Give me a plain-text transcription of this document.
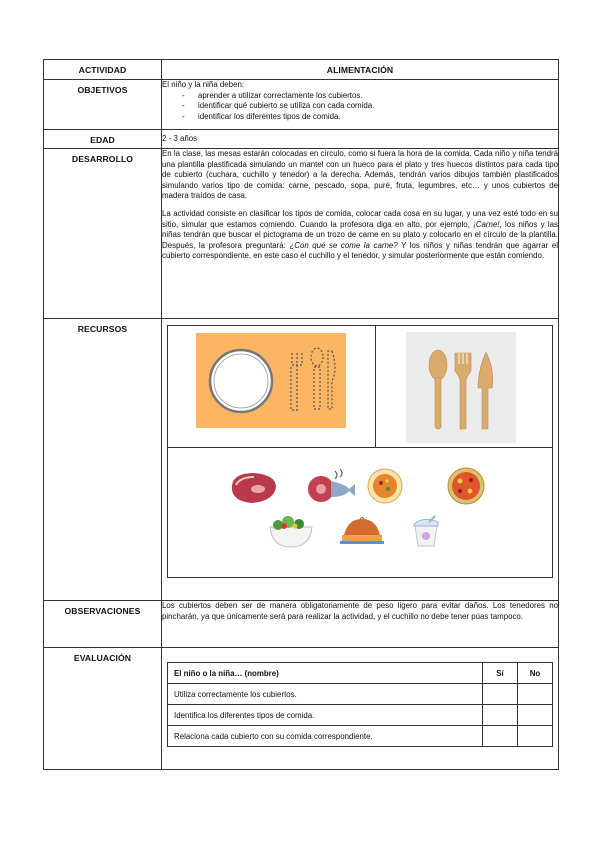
ACTIVIDAD	ALIMENTACIÓN
OBJETIVOS	
El niño y la niña deben:
- aprender a utilizar correctamente los cubiertos.
- identificar qué cubierto se utiliza con cada comida.
- identificar los diferentes tipos de comida.

EDAD	2 - 3 años
DESARROLLO	

En la clase, las mesas estarán colocadas en círculo, como si fuera la hora de la comida. Cada niño y niña tendrá una plantilla plastificada simulando un mantel con un hueco para el plato y tres huecos distintos para cada tipo de cubierto (cuchara, cuchillo y tenedor) a la derecha. Además, tendrán varios dibujos también plastificados simulando varios tipo de comida: carne, pescado, sopa, puré, fruta, legumbres, etc… y unos cubiertos de madera traídos de casa.

La actividad consiste en clasificar los tipos de comida, colocar cada cosa en su lugar, y una vez esté todo en su sitio, simular que estamos comiendo. Cuando la profesora diga en alto, por ejemplo, ¡Carne!, los niños y las niñas tendrán que buscar el pictograma de un trozo de carne en su plato y colocarlo en el círculo de la plantilla. Después, la profesora preguntará: ¿Con qué se come la carne? Y los niños y niñas tendrán que agarrar el cubierto correspondiente, en este caso el cuchillo y el tenedor, y simular posteriormente que están comiendo.

RECURSOS	

OBSERVACIONES	Los cubiertos deben ser de manera obligatoriamente de peso ligero para evitar daños. Los tenedores no pincharán, ya que únicamente será para realizar la actividad, y el cuchillo no debe tener púas tampoco.
EVALUACIÓN	
El niño o la niña… (nombre)	Sí	No
Utiliza correctamente los cubiertos.		
Identifica los diferentes tipos de comida.		
Relaciona cada cubierto con su comida correspondiente.		
